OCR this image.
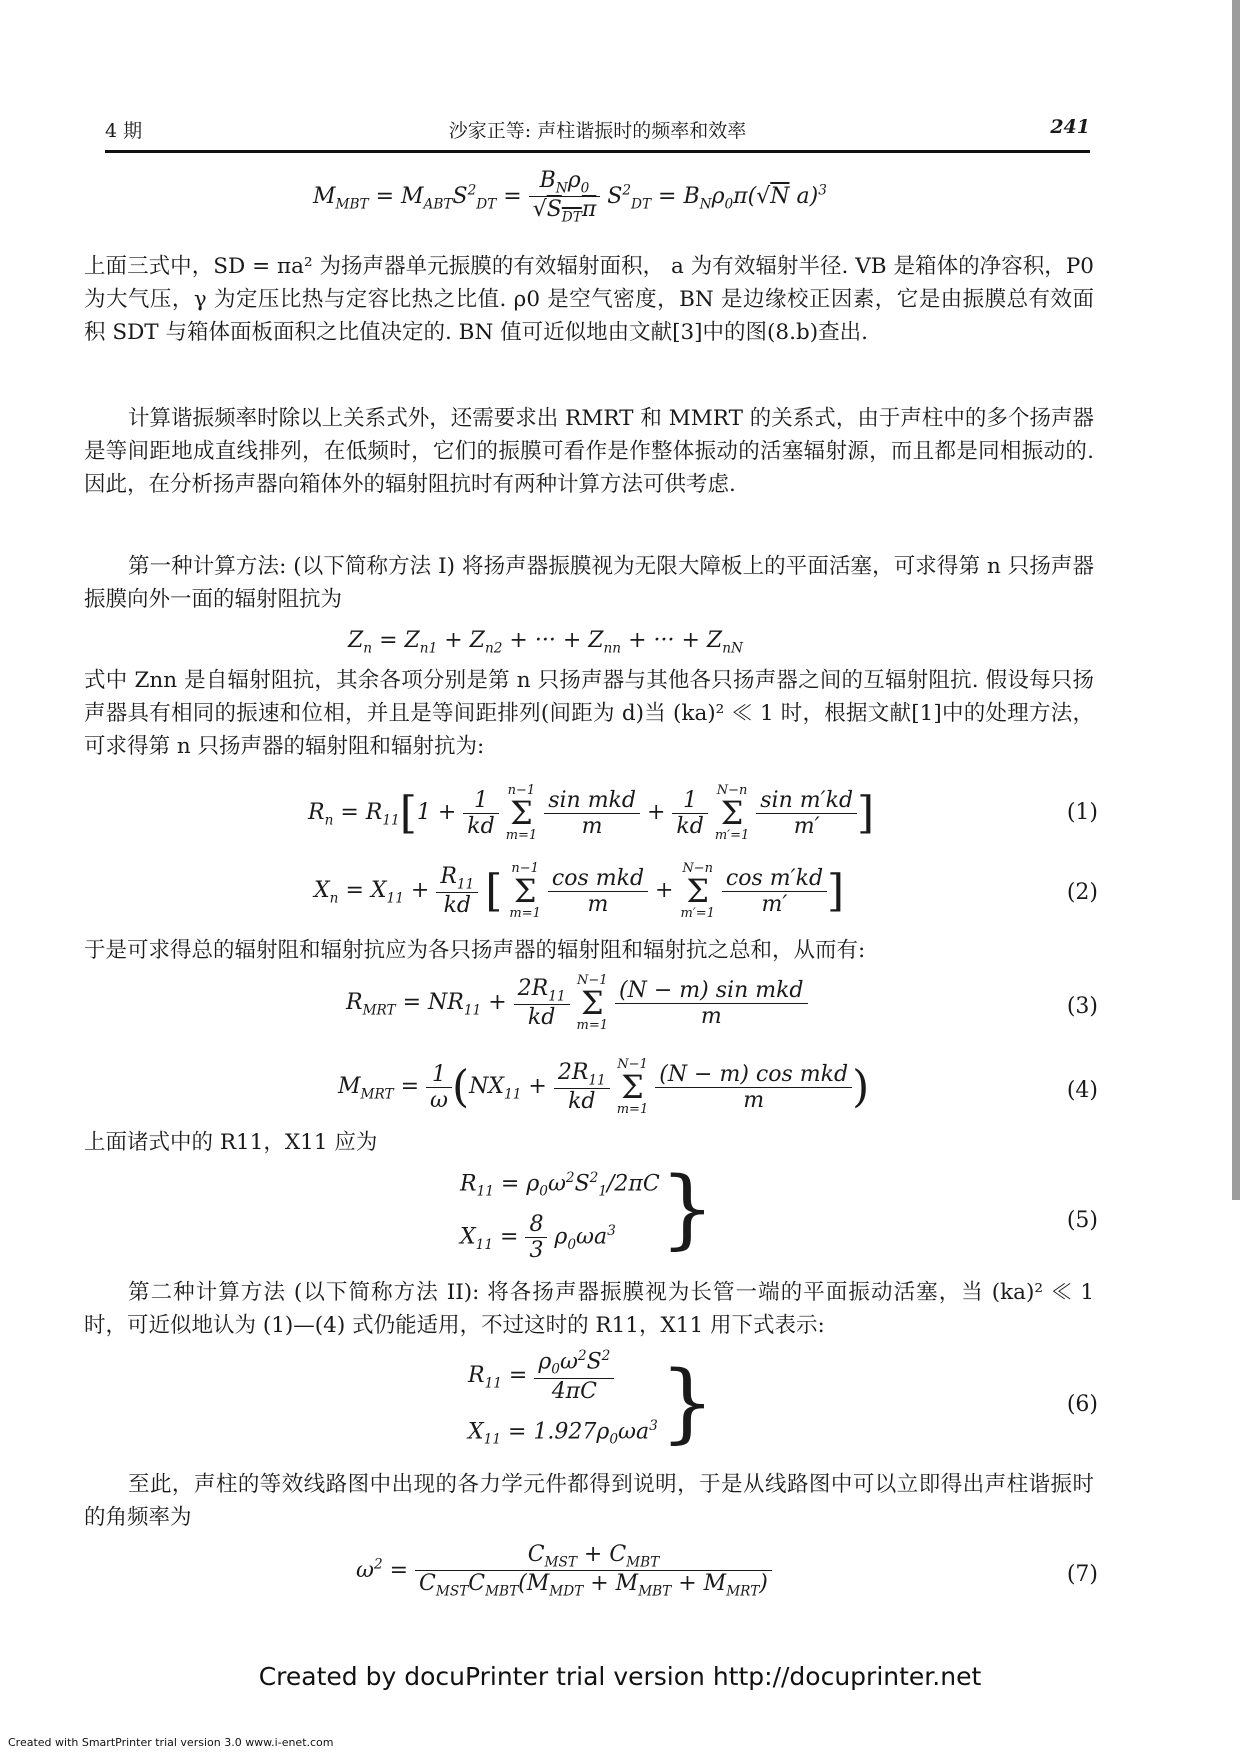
4 期	沙家正等: 声柱谐振时的频率和效率	241
$M_{MBT} = M_{ABT}S^2_{DT} = \frac{B_N\rho_0}{√S_{DT}\pi} S^2_{DT} = B_N\rho_0\pi(√N$ a)$^3$
上面三式中，SD = πa² 为扬声器单元振膜的有效辐射面积， a 为有效辐射半径. VB 是箱体的净容积，P0 为大气压，γ 为定压比热与定容比热之比值. ρ0 是空气密度，BN 是边缘校正因素，它是由振膜总有效面积 SDT 与箱体面板面积之比值决定的. BN 值可近似地由文献[3]中的图(8.b)查出.
计算谐振频率时除以上关系式外，还需要求出 RMRT 和 MMRT 的关系式，由于声柱中的多个扬声器是等间距地成直线排列，在低频时，它们的振膜可看作是作整体振动的活塞辐射源，而且都是同相振动的. 因此，在分析扬声器向箱体外的辐射阻抗时有两种计算方法可供考虑.
第一种计算方法: (以下简称方法 I) 将扬声器振膜视为无限大障板上的平面活塞，可求得第 n 只扬声器振膜向外一面的辐射阻抗为
$Z_n = Z_{n1} + Z_{n2}$ + ··· + $Z_{nn}$ + ··· + $Z_{nN}$
式中 Znn 是自辐射阻抗，其余各项分别是第 n 只扬声器与其他各只扬声器之间的互辐射阻抗. 假设每只扬声器具有相同的振速和位相，并且是等间距排列(间距为 d)当 (ka)² ≪ 1 时，根据文献[1]中的处理方法，可求得第 n 只扬声器的辐射阻和辐射抗为:
$R_n = R_{11}[1 + \frac{1}{kd} n-1$
Σ
$m=1 \frac{\text{sin mkd}}{m} + \frac{1}{kd} N-n$
Σ
$m'=1 \frac{\text{sin m′kd}}{m'}$ ]	(1)
$X_n = X_{11} + \frac{R_{11}}{kd}$ [ n−1
Σ
$m=1 \frac{\text{cos mkd}}{m} + N-n$
Σ
$m'=1 \frac{\text{cos m′kd}}{m'}$ ]	(2)
于是可求得总的辐射阻和辐射抗应为各只扬声器的辐射阻和辐射抗之总和，从而有:
$R_{MRT} = NR_{11} + \frac{2R_{11}}{kd} N-1$
Σ
$m=1 \frac{\text{(N − m) sin mkd}}{m}$	(3)
$M_{MRT} = \frac{1}{\omega} (NX_{11} + \frac{2R_{11}}{kd} N-1$
Σ
$m=1 \frac{\text{(N − m) cos mkd}}{m}$ )	(4)
上面诸式中的 R11，X11 应为
$R_{11} = \rho_0\omega^2S^2_1/2\pi C$
$X_{11} = \frac{8}{3} \rho_0\omega a^3$ }	(5)
第二种计算方法 (以下简称方法 II): 将各扬声器振膜视为长管一端的平面振动活塞，当 (ka)² ≪ 1 时，可近似地认为 (1)—(4) 式仍能适用，不过这时的 R11，X11 用下式表示:
$R_{11} = \frac{\rho_0\omega^2S^2}{4\pi C}$
$X_{11} = 1.927\rho_0\omega a^3$ }	(6)
至此，声柱的等效线路图中出现的各力学元件都得到说明，于是从线路图中可以立即得出声柱谐振时的角频率为
$\omega^2 = \frac{C_{MST} + C_{MBT}}{C_{MST}C_{MBT}(M_{MDT} + M_{MBT} + M_{MRT})}$	(7)
Created by docuPrinter trial version http://docuprinter.net
Created with SmartPrinter trial version 3.0 www.i-enet.com
